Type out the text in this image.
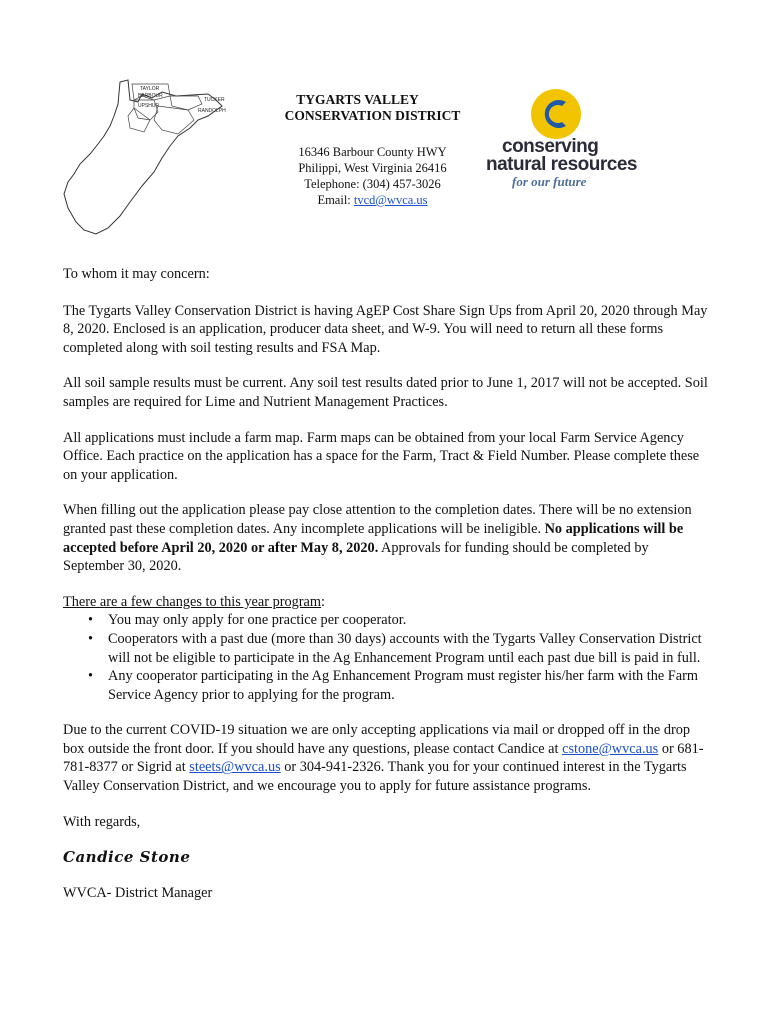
TAYLOR
BARBOUR
TUCKER
RANDOLPH
UPSHUR	TYGARTS VALLEY
CONSERVATION DISTRICT
16346 Barbour County HWY
Philippi, West Virginia 26416
Telephone: (304) 457-3026
Email: tvcd@wvca.us
conserving
natural resources
for our future

To whom it may concern:

The Tygarts Valley Conservation District is having AgEP Cost Share Sign Ups from April 20, 2020 through May 8, 2020. Enclosed is an application, producer data sheet, and W-9. You will need to return all these forms completed along with soil testing results and FSA Map.

All soil sample results must be current. Any soil test results dated prior to June 1, 2017 will not be accepted. Soil samples are required for Lime and Nutrient Management Practices.

All applications must include a farm map. Farm maps can be obtained from your local Farm Service Agency Office. Each practice on the application has a space for the Farm, Tract & Field Number. Please complete these on your application.

When filling out the application please pay close attention to the completion dates. There will be no extension granted past these completion dates. Any incomplete applications will be ineligible. No applications will be accepted before April 20, 2020 or after May 8, 2020. Approvals for funding should be completed by September 30, 2020.

There are a few changes to this year program:
• You may only apply for one practice per cooperator.
• Cooperators with a past due (more than 30 days) accounts with the Tygarts Valley Conservation District will not be eligible to participate in the Ag Enhancement Program until each past due bill is paid in full.
• Any cooperator participating in the Ag Enhancement Program must register his/her farm with the Farm Service Agency prior to applying for the program.

Due to the current COVID-19 situation we are only accepting applications via mail or dropped off in the drop box outside the front door. If you should have any questions, please contact Candice at cstone@wvca.us or 681-781-8377 or Sigrid at steets@wvca.us or 304-941-2326. Thank you for your continued interest in the Tygarts Valley Conservation District, and we encourage you to apply for future assistance programs.

With regards,

Candice Stone

WVCA- District Manager
